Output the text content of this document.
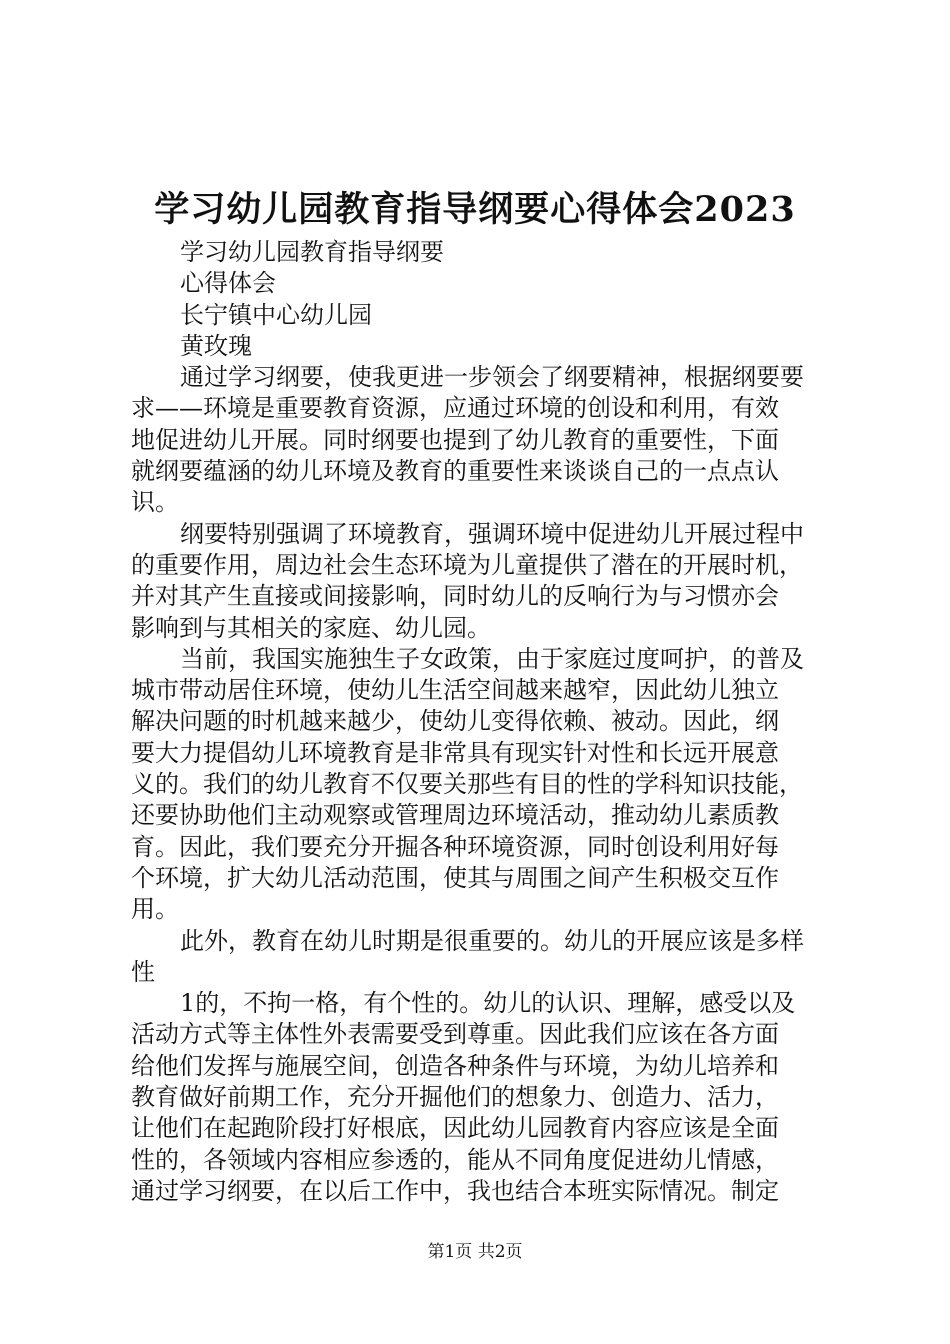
学习幼儿园教育指导纲要心得体会2023
学习幼儿园教育指导纲要
心得体会
长宁镇中心幼儿园
黄玫瑰
通过学习纲要，使我更进一步领会了纲要精神，根据纲要要
求——环境是重要教育资源，应通过环境的创设和利用，有效
地促进幼儿开展。同时纲要也提到了幼儿教育的重要性，下面
就纲要蕴涵的幼儿环境及教育的重要性来谈谈自己的一点点认
识。
纲要特别强调了环境教育，强调环境中促进幼儿开展过程中
的重要作用，周边社会生态环境为儿童提供了潜在的开展时机，
并对其产生直接或间接影响，同时幼儿的反响行为与习惯亦会
影响到与其相关的家庭、幼儿园。
当前，我国实施独生子女政策，由于家庭过度呵护，的普及
城市带动居住环境，使幼儿生活空间越来越窄，因此幼儿独立
解决问题的时机越来越少，使幼儿变得依赖、被动。因此，纲
要大力提倡幼儿环境教育是非常具有现实针对性和长远开展意
义的。我们的幼儿教育不仅要关那些有目的性的学科知识技能，
还要协助他们主动观察或管理周边环境活动，推动幼儿素质教
育。因此，我们要充分开掘各种环境资源，同时创设利用好每
个环境，扩大幼儿活动范围，使其与周围之间产生积极交互作
用。
此外，教育在幼儿时期是很重要的。幼儿的开展应该是多样
性
1的，不拘一格，有个性的。幼儿的认识、理解，感受以及
活动方式等主体性外表需要受到尊重。因此我们应该在各方面
给他们发挥与施展空间，创造各种条件与环境，为幼儿培养和
教育做好前期工作，充分开掘他们的想象力、创造力、活力，
让他们在起跑阶段打好根底，因此幼儿园教育内容应该是全面
性的，各领域内容相应参透的，能从不同角度促进幼儿情感，
通过学习纲要，在以后工作中，我也结合本班实际情况。制定
第1页 共2页
